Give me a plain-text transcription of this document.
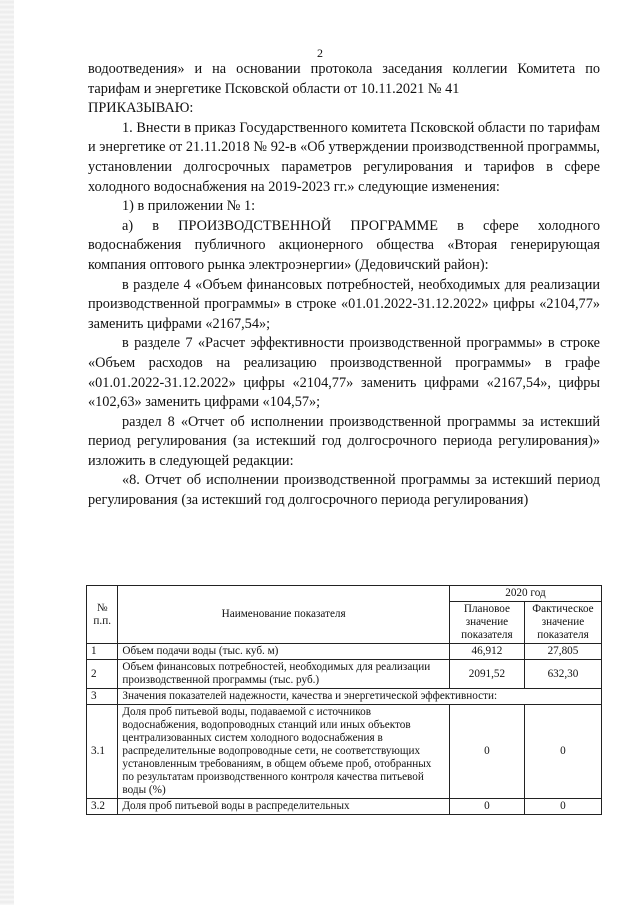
2

водоотведения» и на основании протокола заседания коллегии Комитета по тарифам и энергетике Псковской области от 10.11.2021 № 41

ПРИКАЗЫВАЮ:

1. Внести в приказ Государственного комитета Псковской области по тарифам и энергетике от 21.11.2018 № 92-в «Об утверждении производственной программы, установлении долгосрочных параметров регулирования и тарифов в сфере холодного водоснабжения на 2019-2023 гг.» следующие изменения:

1) в приложении № 1:

а) в ПРОИЗВОДСТВЕННОЙ ПРОГРАММЕ в сфере холодного водоснабжения публичного акционерного общества «Вторая генерирующая компания оптового рынка электроэнергии» (Дедовичский район):

в разделе 4 «Объем финансовых потребностей, необходимых для реализации производственной программы» в строке «01.01.2022-31.12.2022» цифры «2104,77» заменить цифрами «2167,54»;

в разделе 7 «Расчет эффективности производственной программы» в строке «Объем расходов на реализацию производственной программы» в графе «01.01.2022-31.12.2022» цифры «2104,77» заменить цифрами «2167,54», цифры «102,63» заменить цифрами «104,57»;

раздел 8 «Отчет об исполнении производственной программы за истекший период регулирования (за истекший год долгосрочного периода регулирования)» изложить в следующей редакции:

«8. Отчет об исполнении производственной программы за истекший период регулирования (за истекший год долгосрочного периода регулирования)

№ п.п.	Наименование показателя	2020 год	
		Плановое значение показателя	Фактическое значение показателя
1	Объем подачи воды (тыс. куб. м)	46,912	27,805
2	Объем финансовых потребностей, необходимых для реализации производственной программы (тыс. руб.)	2091,52	632,30
3	Значения показателей надежности, качества и энергетической эффективности:		
3.1	Доля проб питьевой воды, подаваемой с источников водоснабжения, водопроводных станций или иных объектов централизованных систем холодного водоснабжения в распределительные водопроводные сети, не соответствующих установленным требованиям, в общем объеме проб, отобранных по результатам производственного контроля качества питьевой воды (%)	0	0
3.2	Доля проб питьевой воды в распределительных	0	0
